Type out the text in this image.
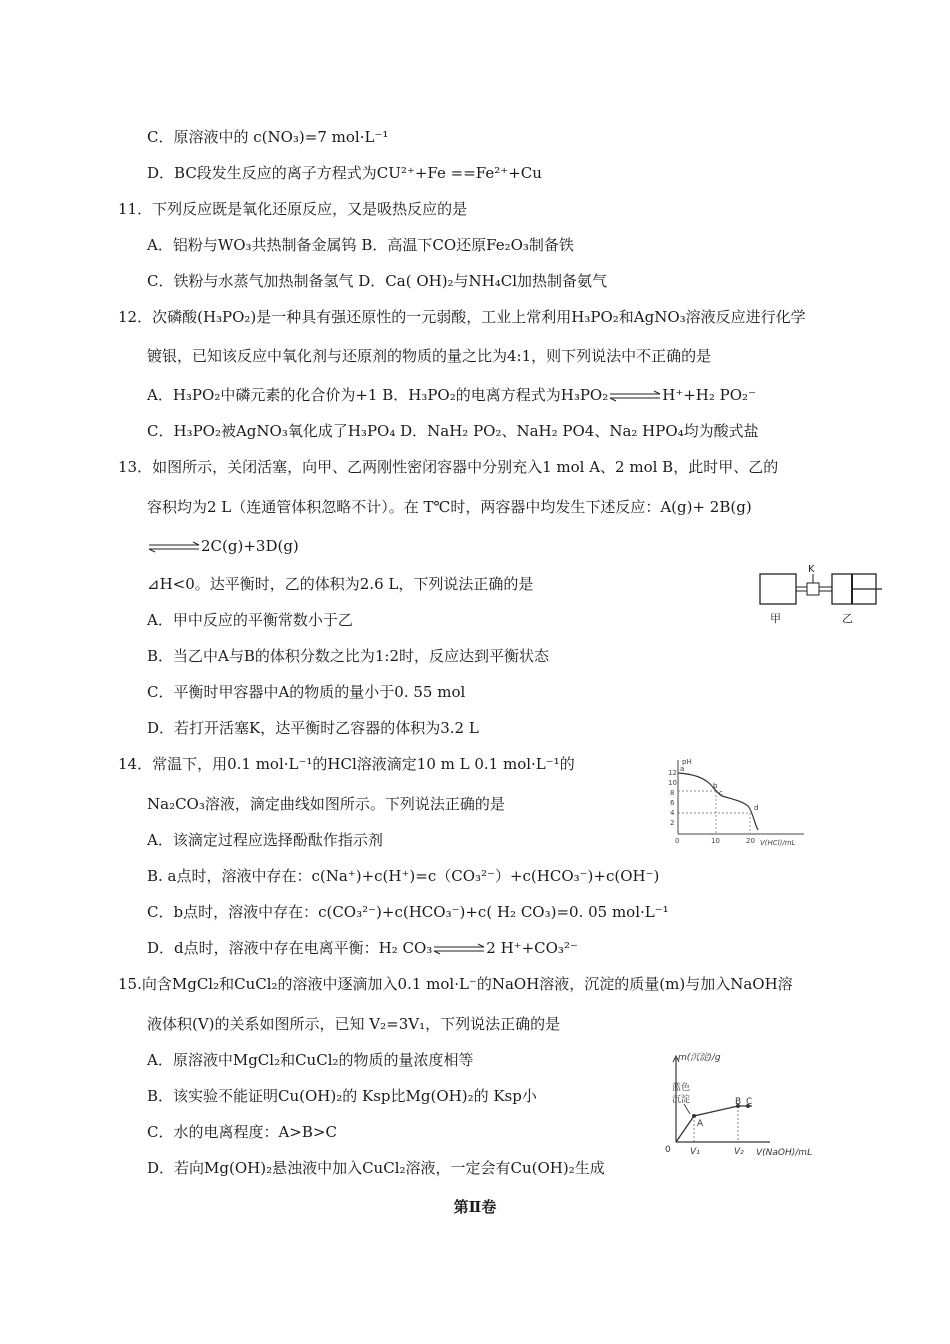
C．原溶液中的 c(NO₃)=7 mol·L⁻¹
D．BC段发生反应的离子方程式为CU²⁺+Fe ==Fe²⁺+Cu
11．下列反应既是氧化还原反应，又是吸热反应的是
A．铝粉与WO₃共热制备金属钨 B．高温下CO还原Fe₂O₃制备铁
C．铁粉与水蒸气加热制备氢气 D．Ca( OH)₂与NH₄Cl加热制备氨气
12．次磷酸(H₃PO₂)是一种具有强还原性的一元弱酸，工业上常利用H₃PO₂和AgNO₃溶液反应进行化学
镀银，已知该反应中氧化剂与还原剂的物质的量之比为4:1，则下列说法中不正确的是
A．H₃PO₂中磷元素的化合价为+1 B．H₃PO₂的电离方程式为H₃PO₂⇌H⁺+H₂ PO₂⁻
C．H₃PO₂被AgNO₃氧化成了H₃PO₄ D．NaH₂ PO₂、NaH₂ PO4、Na₂ HPO₄均为酸式盐
13．如图所示，关闭活塞，向甲、乙两刚性密闭容器中分别充入1 mol A、2 mol B，此时甲、乙的
容积均为2 L（连通管体积忽略不计）。在 T℃时，两容器中均发生下述反应：A(g)+ 2B(g)
⇌2C(g)+3D(g)
⊿H<0。达平衡时，乙的体积为2.6 L，下列说法正确的是
A．甲中反应的平衡常数小于乙
B．当乙中A与B的体积分数之比为1:2时，反应达到平衡状态
C．平衡时甲容器中A的物质的量小于0. 55 mol
D．若打开活塞K，达平衡时乙容器的体积为3.2 L
K
甲	乙
14．常温下，用0.1 mol·L⁻¹的HCl溶液滴定10 m L 0.1 mol·L⁻¹的
Na₂CO₃溶液，滴定曲线如图所示。下列说法正确的是
A．该滴定过程应选择酚酞作指示剂
B. a点时，溶液中存在：c(Na⁺)+c(H⁺)=c（CO₃²⁻）+c(HCO₃⁻)+c(OH⁻)
C．b点时，溶液中存在：c(CO₃²⁻)+c(HCO₃⁻)+c( H₂ CO₃)=0. 05 mol·L⁻¹
D．d点时，溶液中存在电离平衡：H₂ CO₃⇌2 H⁺+CO₃²⁻
pH
V(HCl)/mL
12
10
8
6
4
2
0	10	20
a
b
c
d
15.向含MgCl₂和CuCl₂的溶液中逐滴加入0.1 mol·L⁻的NaOH溶液，沉淀的质量(m)与加入NaOH溶
液体积(V)的关系如图所示，已知 V₂=3V₁，下列说法正确的是
A．原溶液中MgCl₂和CuCl₂的物质的量浓度相等
B．该实验不能证明Cu(OH)₂的 Ksp比Mg(OH)₂的 Ksp小
C．水的电离程度：A>B>C
D．若向Mg(OH)₂悬浊液中加入CuCl₂溶液，一定会有Cu(OH)₂生成
m(沉淀)/g
V(NaOH)/mL
蓝色
沉淀
A
B C
0 V₁	V₂
第Ⅱ卷
